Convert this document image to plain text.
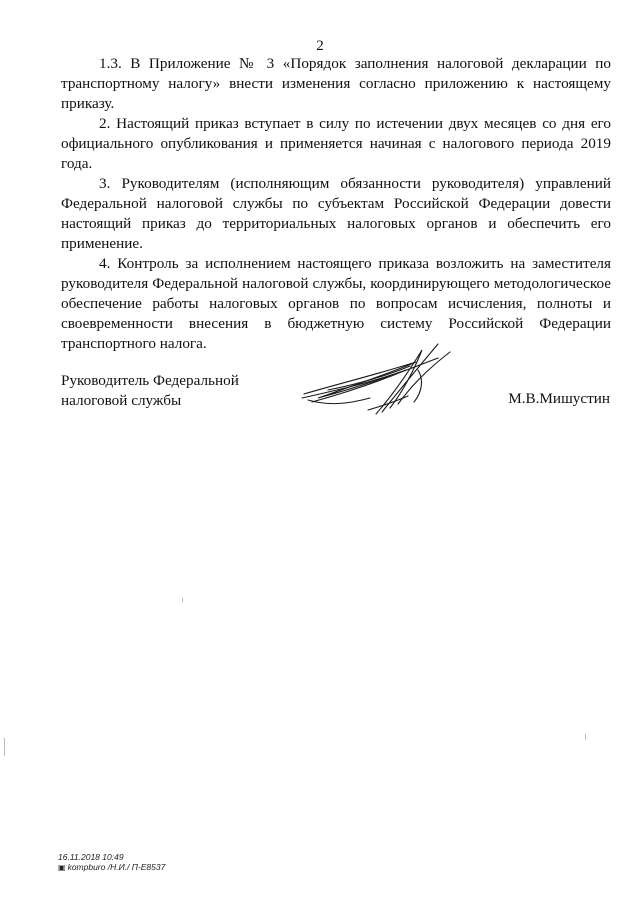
2

1.3. В Приложение № 3 «Порядок заполнения налоговой декларации по транспортному налогу» внести изменения согласно приложению к настоящему приказу.

2. Настоящий приказ вступает в силу по истечении двух месяцев со дня его официального опубликования и применяется начиная с налогового периода 2019 года.

3. Руководителям (исполняющим обязанности руководителя) управлений Федеральной налоговой службы по субъектам Российской Федерации довести настоящий приказ до территориальных налоговых органов и обеспечить его применение.

4. Контроль за исполнением настоящего приказа возложить на заместителя руководителя Федеральной налоговой службы, координирующего методологическое обеспечение работы налоговых органов по вопросам исчисления, полноты и своевременности внесения в бюджетную систему Российской Федерации транспортного налога.

Руководитель Федеральной
налоговой службы	М.В.Мишустин
16.11.2018 10:49
▣ kompburo /Н.И./ П-Е8537
